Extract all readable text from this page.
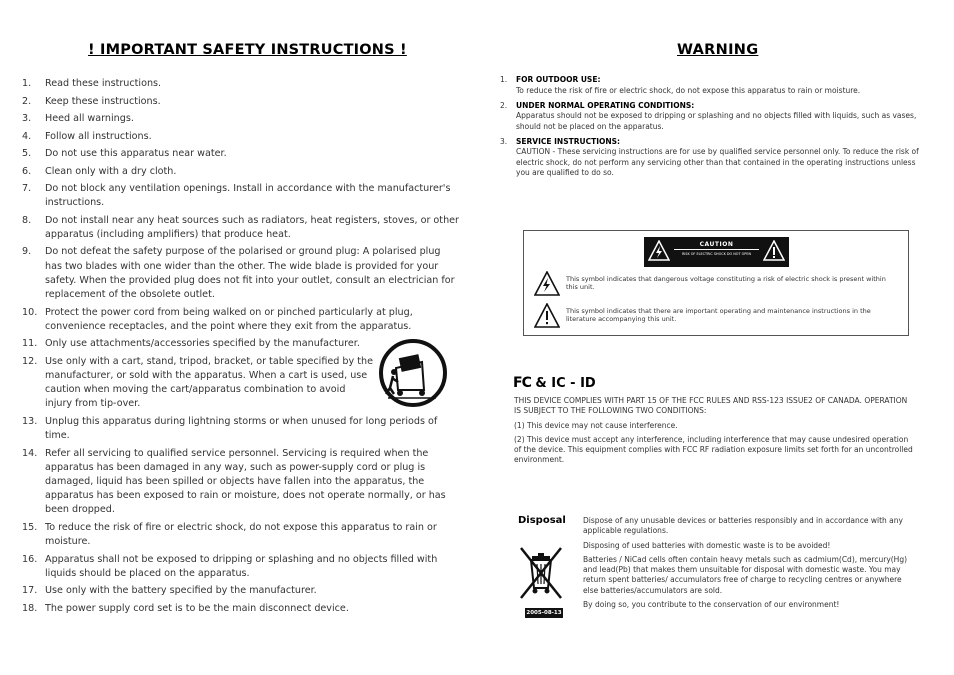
! IMPORTANT SAFETY INSTRUCTIONS !
1. Read these instructions.
2. Keep these instructions.
3. Heed all warnings.
4. Follow all instructions.
5. Do not use this apparatus near water.
6. Clean only with a dry cloth.
7. Do not block any ventilation openings. Install in accordance with the manufacturer's instructions.
8. Do not install near any heat sources such as radiators, heat registers, stoves, or other apparatus (including amplifiers) that produce heat.
9. Do not defeat the safety purpose of the polarised or ground plug: A polarised plug has two blades with one wider than the other. The wide blade is provided for your safety. When the provided plug does not fit into your outlet, consult an electrician for replacement of the obsolete outlet.
10. Protect the power cord from being walked on or pinched particularly at plug, convenience receptacles, and the point where they exit from the apparatus.
11. Only use attachments/accessories specified by the manufacturer.
12. Use only with a cart, stand, tripod, bracket, or table specified by the manufacturer, or sold with the apparatus. When a cart is used, use caution when moving the cart/apparatus combination to avoid injury from tip-over.
13. Unplug this apparatus during lightning storms or when unused for long periods of time.
14. Refer all servicing to qualified service personnel. Servicing is required when the apparatus has been damaged in any way, such as power-supply cord or plug is damaged, liquid has been spilled or objects have fallen into the apparatus, the apparatus has been exposed to rain or moisture, does not operate normally, or has been dropped.
15. To reduce the risk of fire or electric shock, do not expose this apparatus to rain or moisture.
16. Apparatus shall not be exposed to dripping or splashing and no objects filled with liquids should be placed on the apparatus.
17. Use only with the battery specified by the manufacturer.
18. The power supply cord set is to be the main disconnect device.
WARNING
1. FOR OUTDOOR USE:
To reduce the risk of fire or electric shock, do not expose this apparatus to rain or moisture.
2. UNDER NORMAL OPERATING CONDITIONS:
Apparatus should not be exposed to dripping or splashing and no objects filled with liquids, such as vases, should not be placed on the apparatus.
3. SERVICE INSTRUCTIONS:
CAUTION - These servicing instructions are for use by qualified service personnel only. To reduce the risk of electric shock, do not perform any servicing other than that contained in the operating instructions unless you are qualified to do so.
CAUTION
RISK OF ELECTRIC SHOCK DO NOT OPEN
This symbol indicates that dangerous voltage constituting a risk of electric shock is present within this unit.
This symbol indicates that there are important operating and maintenance instructions in the literature accompanying this unit.
FC & IC - ID

THIS DEVICE COMPLIES WITH PART 15 OF THE FCC RULES AND RSS-123 ISSUE2 OF CANADA. OPERATION IS SUBJECT TO THE FOLLOWING TWO CONDITIONS:

(1) This device may not cause interference.

(2) This device must accept any interference, including interference that may cause undesired operation of the device. This equipment complies with FCC RF radiation exposure limits set forth for an uncontrolled environment.

Disposal
2005-08-13

Dispose of any unusable devices or batteries responsibly and in accordance with any applicable regulations.

Disposing of used batteries with domestic waste is to be avoided!

Batteries / NiCad cells often contain heavy metals such as cadmium(Cd), mercury(Hg) and lead(Pb) that makes them unsuitable for disposal with domestic waste. You may return spent batteries/ accumulators free of charge to recycling centres or anywhere else batteries/accumulators are sold.

By doing so, you contribute to the conservation of our environment!
